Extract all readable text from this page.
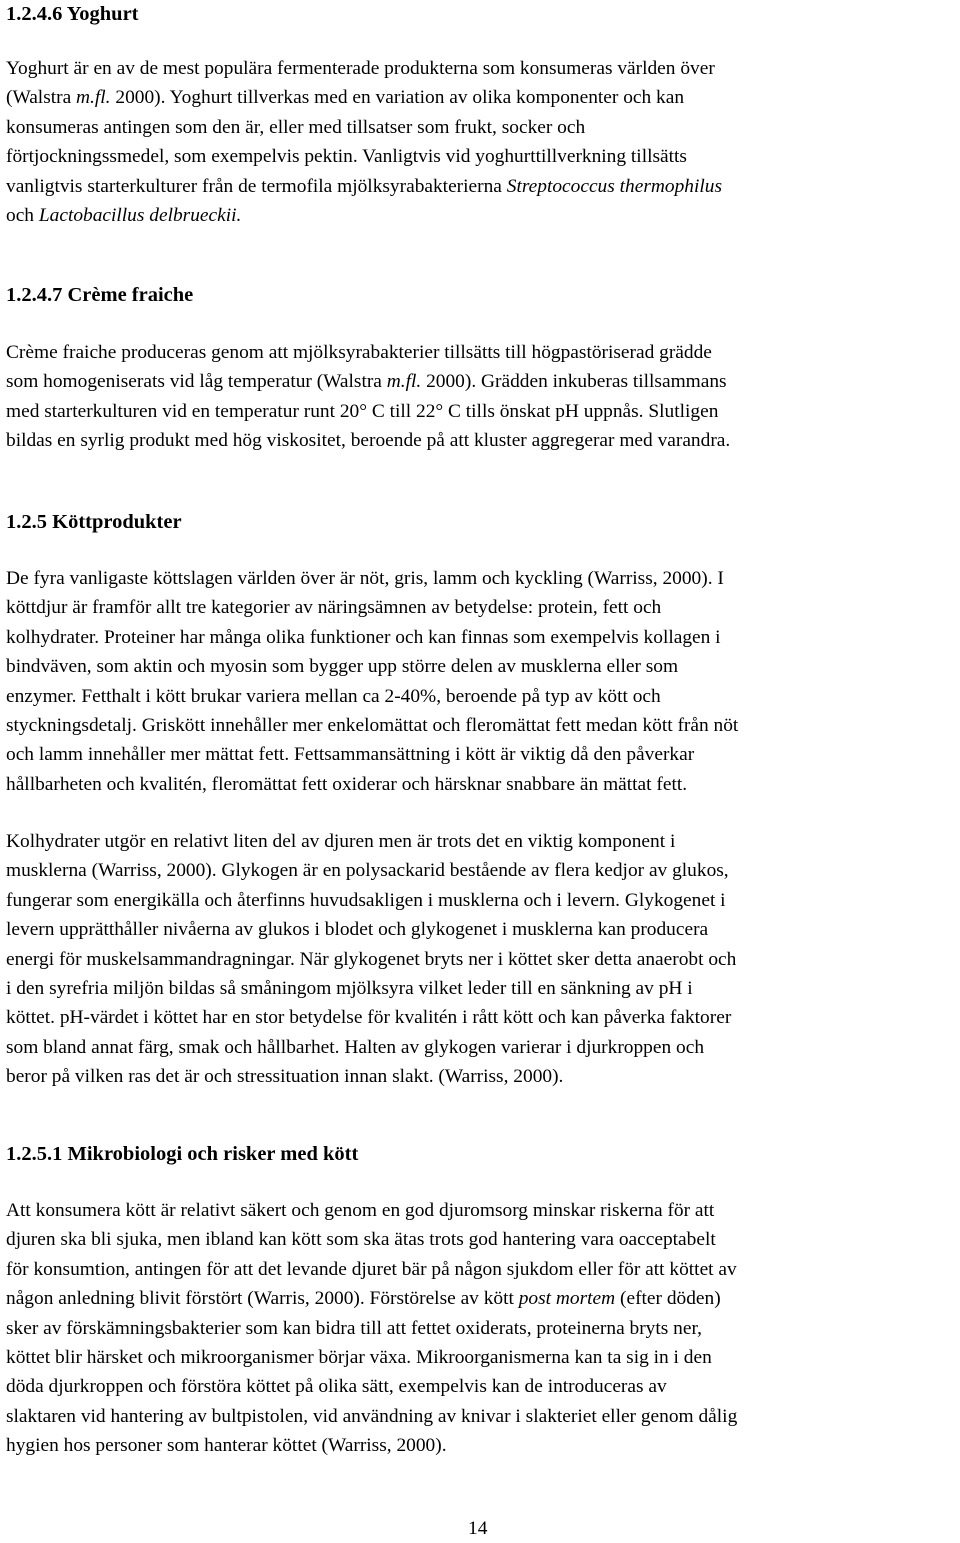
1.2.4.6 Yoghurt

Yoghurt är en av de mest populära fermenterade produkterna som konsumeras världen över
(Walstra m.fl. 2000). Yoghurt tillverkas med en variation av olika komponenter och kan
konsumeras antingen som den är, eller med tillsatser som frukt, socker och
förtjockningssmedel, som exempelvis pektin. Vanligtvis vid yoghurttillverkning tillsätts
vanligtvis starterkulturer från de termofila mjölksyrabakterierna Streptococcus thermophilus
och Lactobacillus delbrueckii.

1.2.4.7 Crème fraiche

Crème fraiche produceras genom att mjölksyrabakterier tillsätts till högpastöriserad grädde
som homogeniserats vid låg temperatur (Walstra m.fl. 2000). Grädden inkuberas tillsammans
med starterkulturen vid en temperatur runt 20° C till 22° C tills önskat pH uppnås. Slutligen
bildas en syrlig produkt med hög viskositet, beroende på att kluster aggregerar med varandra.

1.2.5 Köttprodukter

De fyra vanligaste köttslagen världen över är nöt, gris, lamm och kyckling (Warriss, 2000). I
köttdjur är framför allt tre kategorier av näringsämnen av betydelse: protein, fett och
kolhydrater. Proteiner har många olika funktioner och kan finnas som exempelvis kollagen i
bindväven, som aktin och myosin som bygger upp större delen av musklerna eller som
enzymer. Fetthalt i kött brukar variera mellan ca 2-40%, beroende på typ av kött och
styckningsdetalj. Griskött innehåller mer enkelomättat och fleromättat fett medan kött från nöt
och lamm innehåller mer mättat fett. Fettsammansättning i kött är viktig då den påverkar
hållbarheten och kvalitén, fleromättat fett oxiderar och härsknar snabbare än mättat fett.

Kolhydrater utgör en relativt liten del av djuren men är trots det en viktig komponent i
musklerna (Warriss, 2000). Glykogen är en polysackarid bestående av flera kedjor av glukos,
fungerar som energikälla och återfinns huvudsakligen i musklerna och i levern. Glykogenet i
levern upprätthåller nivåerna av glukos i blodet och glykogenet i musklerna kan producera
energi för muskelsammandragningar. När glykogenet bryts ner i köttet sker detta anaerobt och
i den syrefria miljön bildas så småningom mjölksyra vilket leder till en sänkning av pH i
köttet. pH-värdet i köttet har en stor betydelse för kvalitén i rått kött och kan påverka faktorer
som bland annat färg, smak och hållbarhet. Halten av glykogen varierar i djurkroppen och
beror på vilken ras det är och stressituation innan slakt. (Warriss, 2000).

1.2.5.1 Mikrobiologi och risker med kött

Att konsumera kött är relativt säkert och genom en god djuromsorg minskar riskerna för att
djuren ska bli sjuka, men ibland kan kött som ska ätas trots god hantering vara oacceptabelt
för konsumtion, antingen för att det levande djuret bär på någon sjukdom eller för att köttet av
någon anledning blivit förstört (Warris, 2000). Förstörelse av kött post mortem (efter döden)
sker av förskämningsbakterier som kan bidra till att fettet oxiderats, proteinerna bryts ner,
köttet blir härsket och mikroorganismer börjar växa. Mikroorganismerna kan ta sig in i den
döda djurkroppen och förstöra köttet på olika sätt, exempelvis kan de introduceras av
slaktaren vid hantering av bultpistolen, vid användning av knivar i slakteriet eller genom dålig
hygien hos personer som hanterar köttet (Warriss, 2000).

14
